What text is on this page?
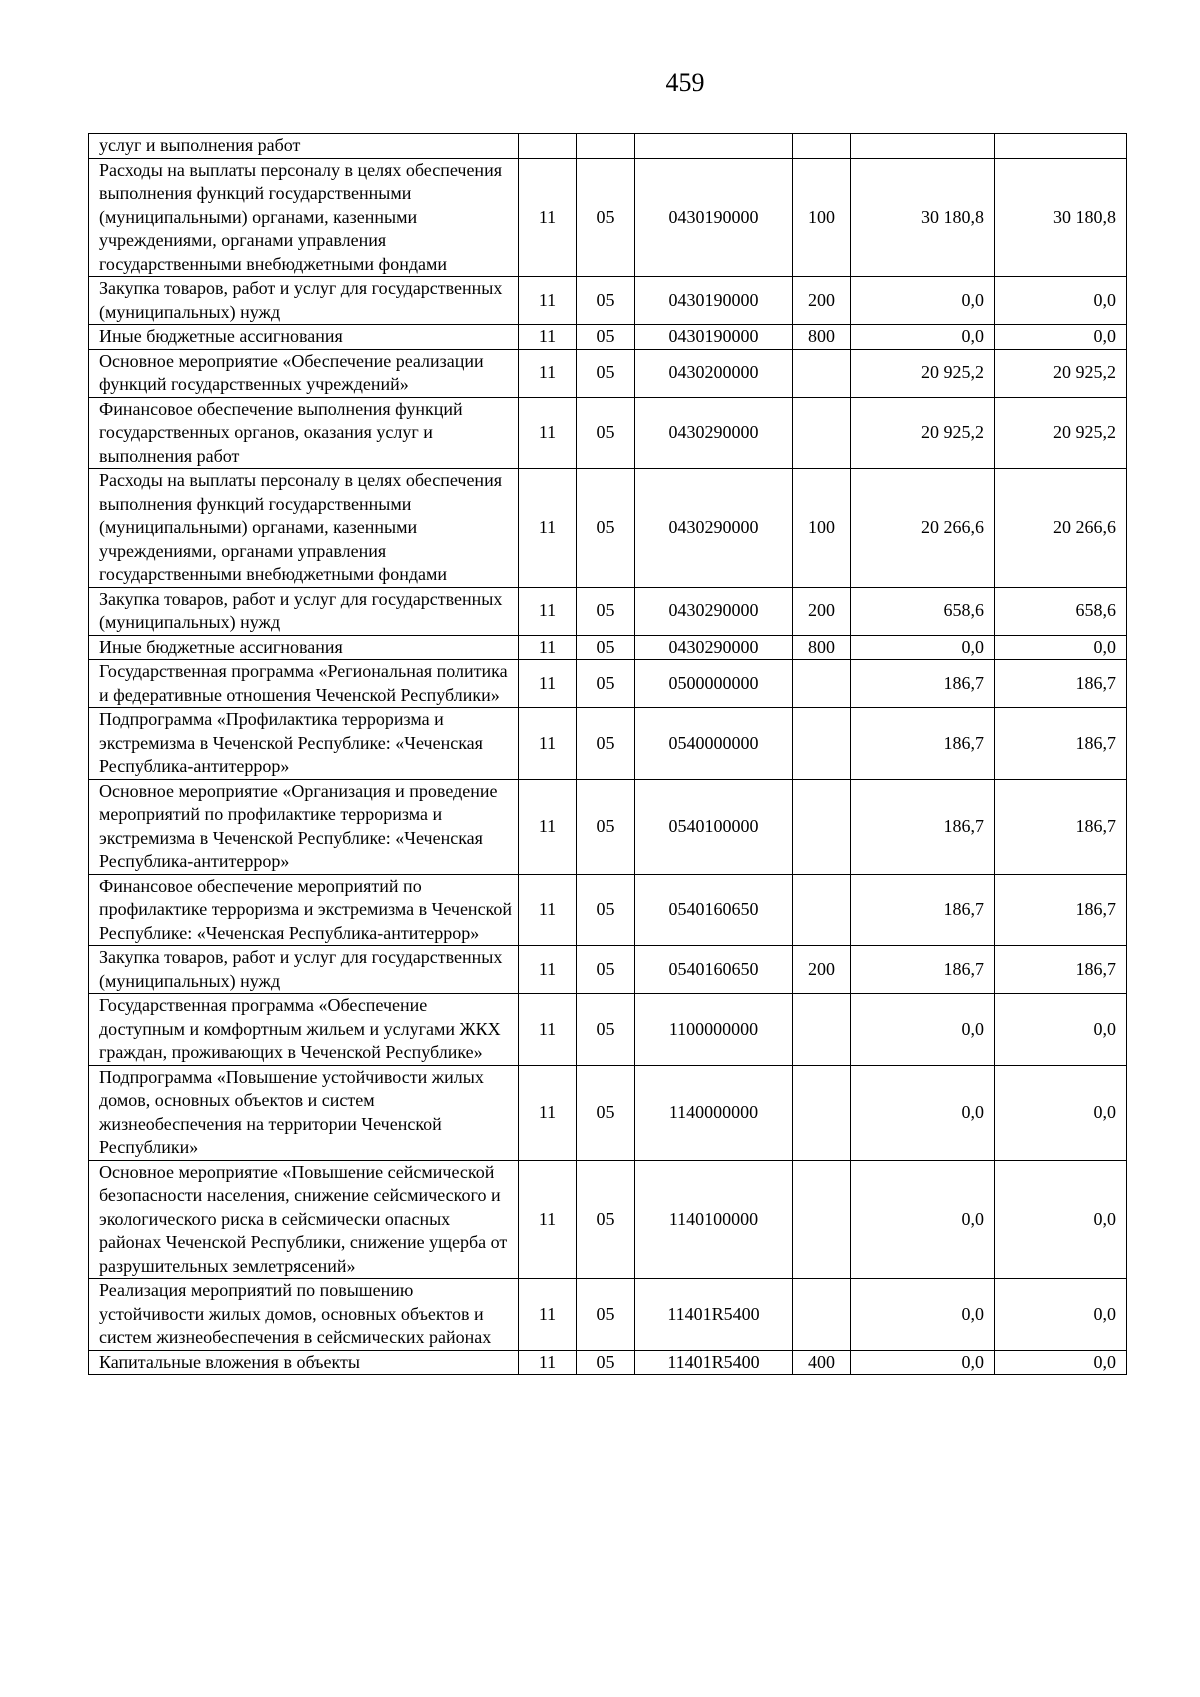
459
услуг и выполнения работ						
Расходы на выплаты персоналу в целях обеспечения выполнения функций государственными (муниципальными) органами, казенными учреждениями, органами управления государственными внебюджетными фондами	11	05	0430190000	100	30 180,8	30 180,8
Закупка товаров, работ и услуг для государственных (муниципальных) нужд	11	05	0430190000	200	0,0	0,0
Иные бюджетные ассигнования	11	05	0430190000	800	0,0	0,0
Основное мероприятие «Обеспечение реализации функций государственных учреждений»	11	05	0430200000		20 925,2	20 925,2
Финансовое обеспечение выполнения функций государственных органов, оказания услуг и выполнения работ	11	05	0430290000		20 925,2	20 925,2
Расходы на выплаты персоналу в целях обеспечения выполнения функций государственными (муниципальными) органами, казенными учреждениями, органами управления государственными внебюджетными фондами	11	05	0430290000	100	20 266,6	20 266,6
Закупка товаров, работ и услуг для государственных (муниципальных) нужд	11	05	0430290000	200	658,6	658,6
Иные бюджетные ассигнования	11	05	0430290000	800	0,0	0,0
Государственная программа «Региональная политика и федеративные отношения Чеченской Республики»	11	05	0500000000		186,7	186,7
Подпрограмма «Профилактика терроризма и экстремизма в Чеченской Республике: «Чеченская Республика-антитеррор»	11	05	0540000000		186,7	186,7
Основное мероприятие «Организация и проведение мероприятий по профилактике терроризма и экстремизма в Чеченской Республике: «Чеченская Республика-антитеррор»	11	05	0540100000		186,7	186,7
Финансовое обеспечение мероприятий по профилактике терроризма и экстремизма в Чеченской Республике: «Чеченская Республика-антитеррор»	11	05	0540160650		186,7	186,7
Закупка товаров, работ и услуг для государственных (муниципальных) нужд	11	05	0540160650	200	186,7	186,7
Государственная программа «Обеспечение доступным и комфортным жильем и услугами ЖКХ граждан, проживающих в Чеченской Республике»	11	05	1100000000		0,0	0,0
Подпрограмма «Повышение устойчивости жилых домов, основных объектов и систем жизнеобеспечения на территории Чеченской Республики»	11	05	1140000000		0,0	0,0
Основное мероприятие «Повышение сейсмической безопасности населения, снижение сейсмического и экологического риска в сейсмически опасных районах Чеченской Республики, снижение ущерба от разрушительных землетрясений»	11	05	1140100000		0,0	0,0
Реализация мероприятий по повышению устойчивости жилых домов, основных объектов и систем жизнеобеспечения в сейсмических районах	11	05	11401R5400		0,0	0,0
Капитальные вложения в объекты	11	05	11401R5400	400	0,0	0,0
